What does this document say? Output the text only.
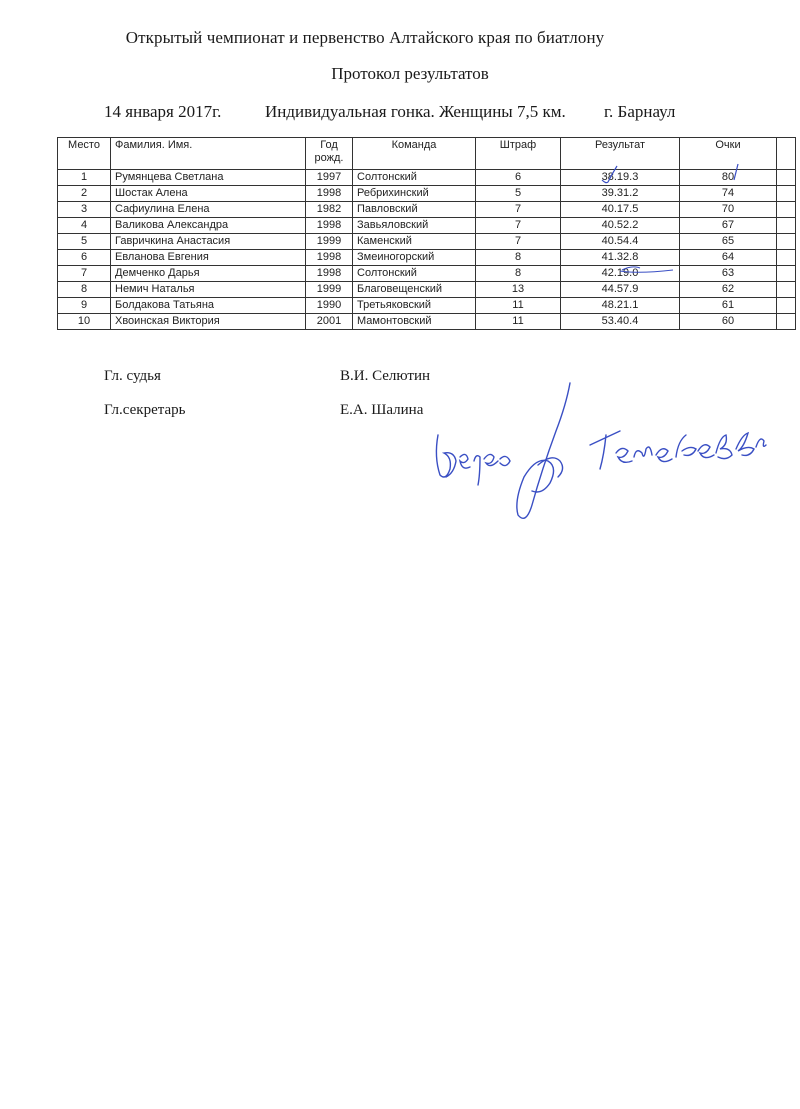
Открытый чемпионат и первенство Алтайского края по биатлону
Протокол результатов
14 января 2017г.	Индивидуальная гонка. Женщины 7,5 км. г. Барнаул
Место	Фамилия. Имя.	Год рожд.	Команда	Штраф	Результат	Очки	
1	Румянцева Светлана	1997	Солтонский	6	38.19.3	80	
2	Шостак Алена	1998	Ребрихинский	5	39.31.2	74	
3	Сафиулина Елена	1982	Павловский	7	40.17.5	70	
4	Валикова Александра	1998	Завьяловский	7	40.52.2	67	
5	Гавричкина Анастасия	1999	Каменский	7	40.54.4	65	
6	Евланова Евгения	1998	Змеиногорский	8	41.32.8	64	
7	Демченко Дарья	1998	Солтонский	8	42.19.0	63	
8	Немич Наталья	1999	Благовещенский	13	44.57.9	62	
9	Болдакова Татьяна	1990	Третьяковский	11	48.21.1	61	
10	Хвоинская Виктория	2001	Мамонтовский	11	53.40.4	60	
Гл. судья	В.И. Селютин
Гл.секретарь	Е.А. Шалина
